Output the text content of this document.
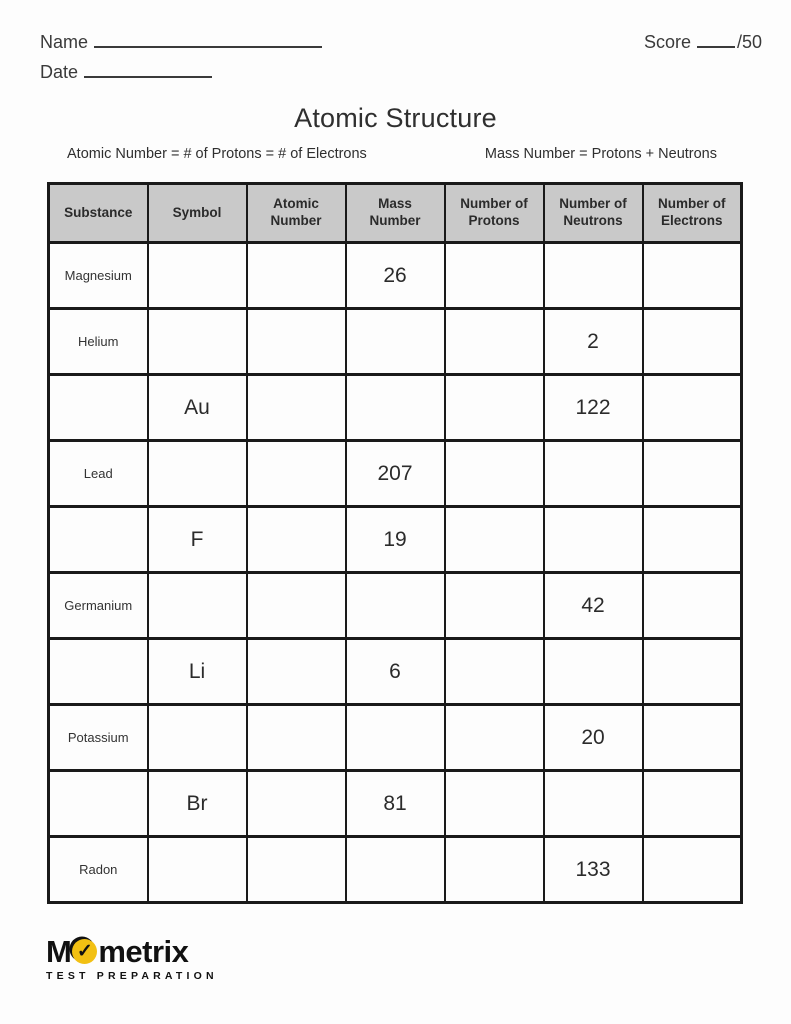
Name	Score	/50
Date
Atomic Structure
Atomic Number = # of Protons = # of Electrons	Mass Number = Protons + Neutrons
Substance	Symbol	Atomic Number	Mass Number	Number of Protons	Number of Neutrons	Number of Electrons
Magnesium			26			
Helium					2	
	Au				122	
Lead			207			
	F		19			
Germanium					42	
	Li		6			
Potassium					20	
	Br		81			
Radon					133	
M ✓ metrix
TEST PREPARATION
